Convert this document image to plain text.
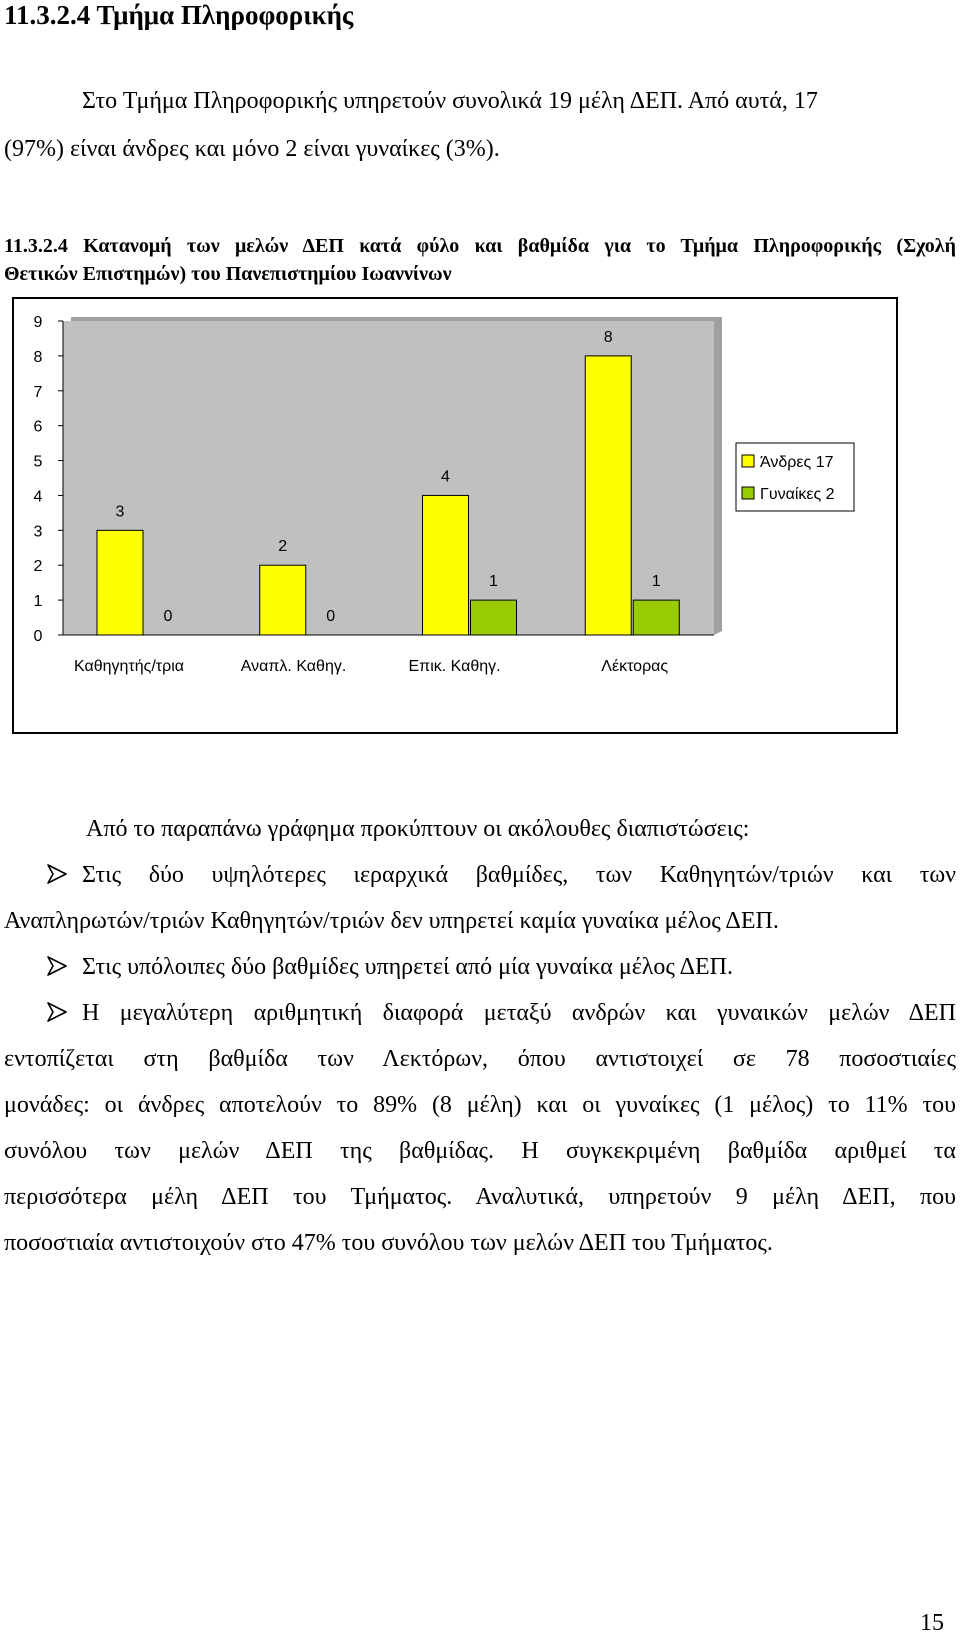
11.3.2.4 Τμήμα Πληροφορικής

Στο Τμήμα Πληροφορικής υπηρετούν συνολικά 19 μέλη ΔΕΠ. Από αυτά, 17

(97%) είναι άνδρες και μόνο 2 είναι γυναίκες (3%).

11.3.2.4 Κατανομή των μελών ΔΕΠ κατά φύλο και βαθμίδα για το Τμήμα Πληροφορικής (Σχολή
Θετικών Επιστημών) του Πανεπιστημίου Ιωαννίνων
0
1
2
3
4
5
6
7
8
9
3
0
2
0
4
1
8
1
Καθηγητής/τρια	Αναπλ. Καθηγ.	Επικ. Καθηγ.	Λέκτορας
Άνδρες 17
Γυναίκες 2

Από το παραπάνω γράφημα προκύπτουν οι ακόλουθες διαπιστώσεις:

Στις δύο υψηλότερες ιεραρχικά βαθμίδες, των Καθηγητών/τριών και των

Αναπληρωτών/τριών Καθηγητών/τριών δεν υπηρετεί καμία γυναίκα μέλος ΔΕΠ.

Στις υπόλοιπες δύο βαθμίδες υπηρετεί από μία γυναίκα μέλος ΔΕΠ.
Η μεγαλύτερη αριθμητική διαφορά μεταξύ ανδρών και γυναικών μελών ΔΕΠ

εντοπίζεται στη βαθμίδα των Λεκτόρων, όπου αντιστοιχεί σε 78 ποσοστιαίες

μονάδες: οι άνδρες αποτελούν το 89% (8 μέλη) και οι γυναίκες (1 μέλος) το 11% του

συνόλου των μελών ΔΕΠ της βαθμίδας. Η συγκεκριμένη βαθμίδα αριθμεί τα

περισσότερα μέλη ΔΕΠ του Τμήματος. Αναλυτικά, υπηρετούν 9 μέλη ΔΕΠ, που

ποσοστιαία αντιστοιχούν στο 47% του συνόλου των μελών ΔΕΠ του Τμήματος.

15
